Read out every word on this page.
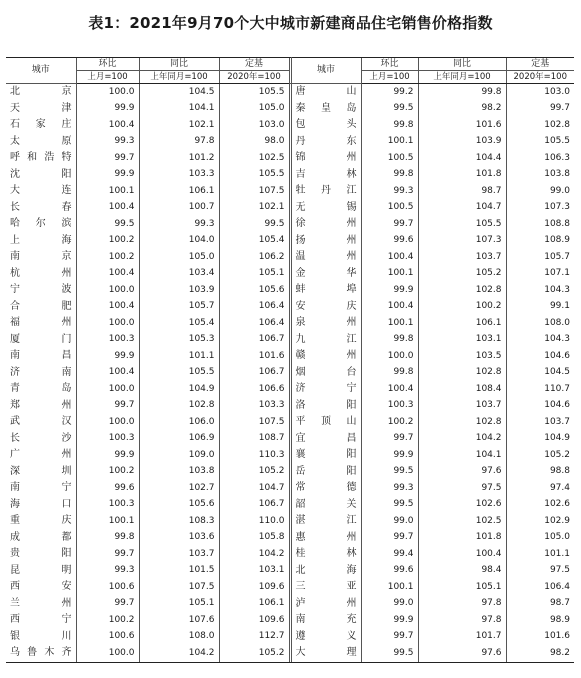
表1：2021年9月70个大中城市新建商品住宅销售价格指数
城市	环比	同比	定基		城市	环比	同比	定基
	上月=100	上年同月=100	2020年=100			上月=100	上年同月=100	2020年=100
北京	100.0	104.5	105.5		唐山	99.2	99.8	103.0
天津	99.9	104.1	105.0		秦皇岛	99.5	98.2	99.7
石家庄	100.4	102.1	103.0		包头	99.8	101.6	102.8
太原	99.3	97.8	98.0		丹东	100.1	103.9	105.5
呼和浩特	99.7	101.2	102.5		锦州	100.5	104.4	106.3
沈阳	99.9	103.3	105.5		吉林	99.8	101.8	103.8
大连	100.1	106.1	107.5		牡丹江	99.3	98.7	99.0
长春	100.4	100.7	102.1		无锡	100.5	104.7	107.3
哈尔滨	99.5	99.3	99.5		徐州	99.7	105.5	108.8
上海	100.2	104.0	105.4		扬州	99.6	107.3	108.9
南京	100.2	105.0	106.2		温州	100.4	103.7	105.7
杭州	100.4	103.4	105.1		金华	100.1	105.2	107.1
宁波	100.0	103.9	105.6		蚌埠	99.9	102.8	104.3
合肥	100.4	105.7	106.4		安庆	100.4	100.2	99.1
福州	100.0	105.4	106.4		泉州	100.1	106.1	108.0
厦门	100.3	105.3	106.7		九江	99.8	103.1	104.3
南昌	99.9	101.1	101.6		赣州	100.0	103.5	104.6
济南	100.4	105.5	106.7		烟台	99.8	102.8	104.5
青岛	100.0	104.9	106.6		济宁	100.4	108.4	110.7
郑州	99.7	102.8	103.3		洛阳	100.3	103.7	104.6
武汉	100.0	106.0	107.5		平顶山	100.2	102.8	103.7
长沙	100.3	106.9	108.7		宜昌	99.7	104.2	104.9
广州	99.9	109.0	110.3		襄阳	99.9	104.1	105.2
深圳	100.2	103.8	105.2		岳阳	99.5	97.6	98.8
南宁	99.6	102.7	104.7		常德	99.3	97.5	97.4
海口	100.3	105.6	106.7		韶关	99.5	102.6	102.6
重庆	100.1	108.3	110.0		湛江	99.0	102.5	102.9
成都	99.8	103.6	105.8		惠州	99.7	101.8	105.0
贵阳	99.7	103.7	104.2		桂林	99.4	100.4	101.1
昆明	99.3	101.5	103.1		北海	99.6	98.4	97.5
西安	100.6	107.5	109.6		三亚	100.1	105.1	106.4
兰州	99.7	105.1	106.1		泸州	99.0	97.8	98.7
西宁	100.2	107.6	109.6		南充	99.9	97.8	98.9
银川	100.6	108.0	112.7		遵义	99.7	101.7	101.6
乌鲁木齐	100.0	104.2	105.2		大理	99.5	97.6	98.2
